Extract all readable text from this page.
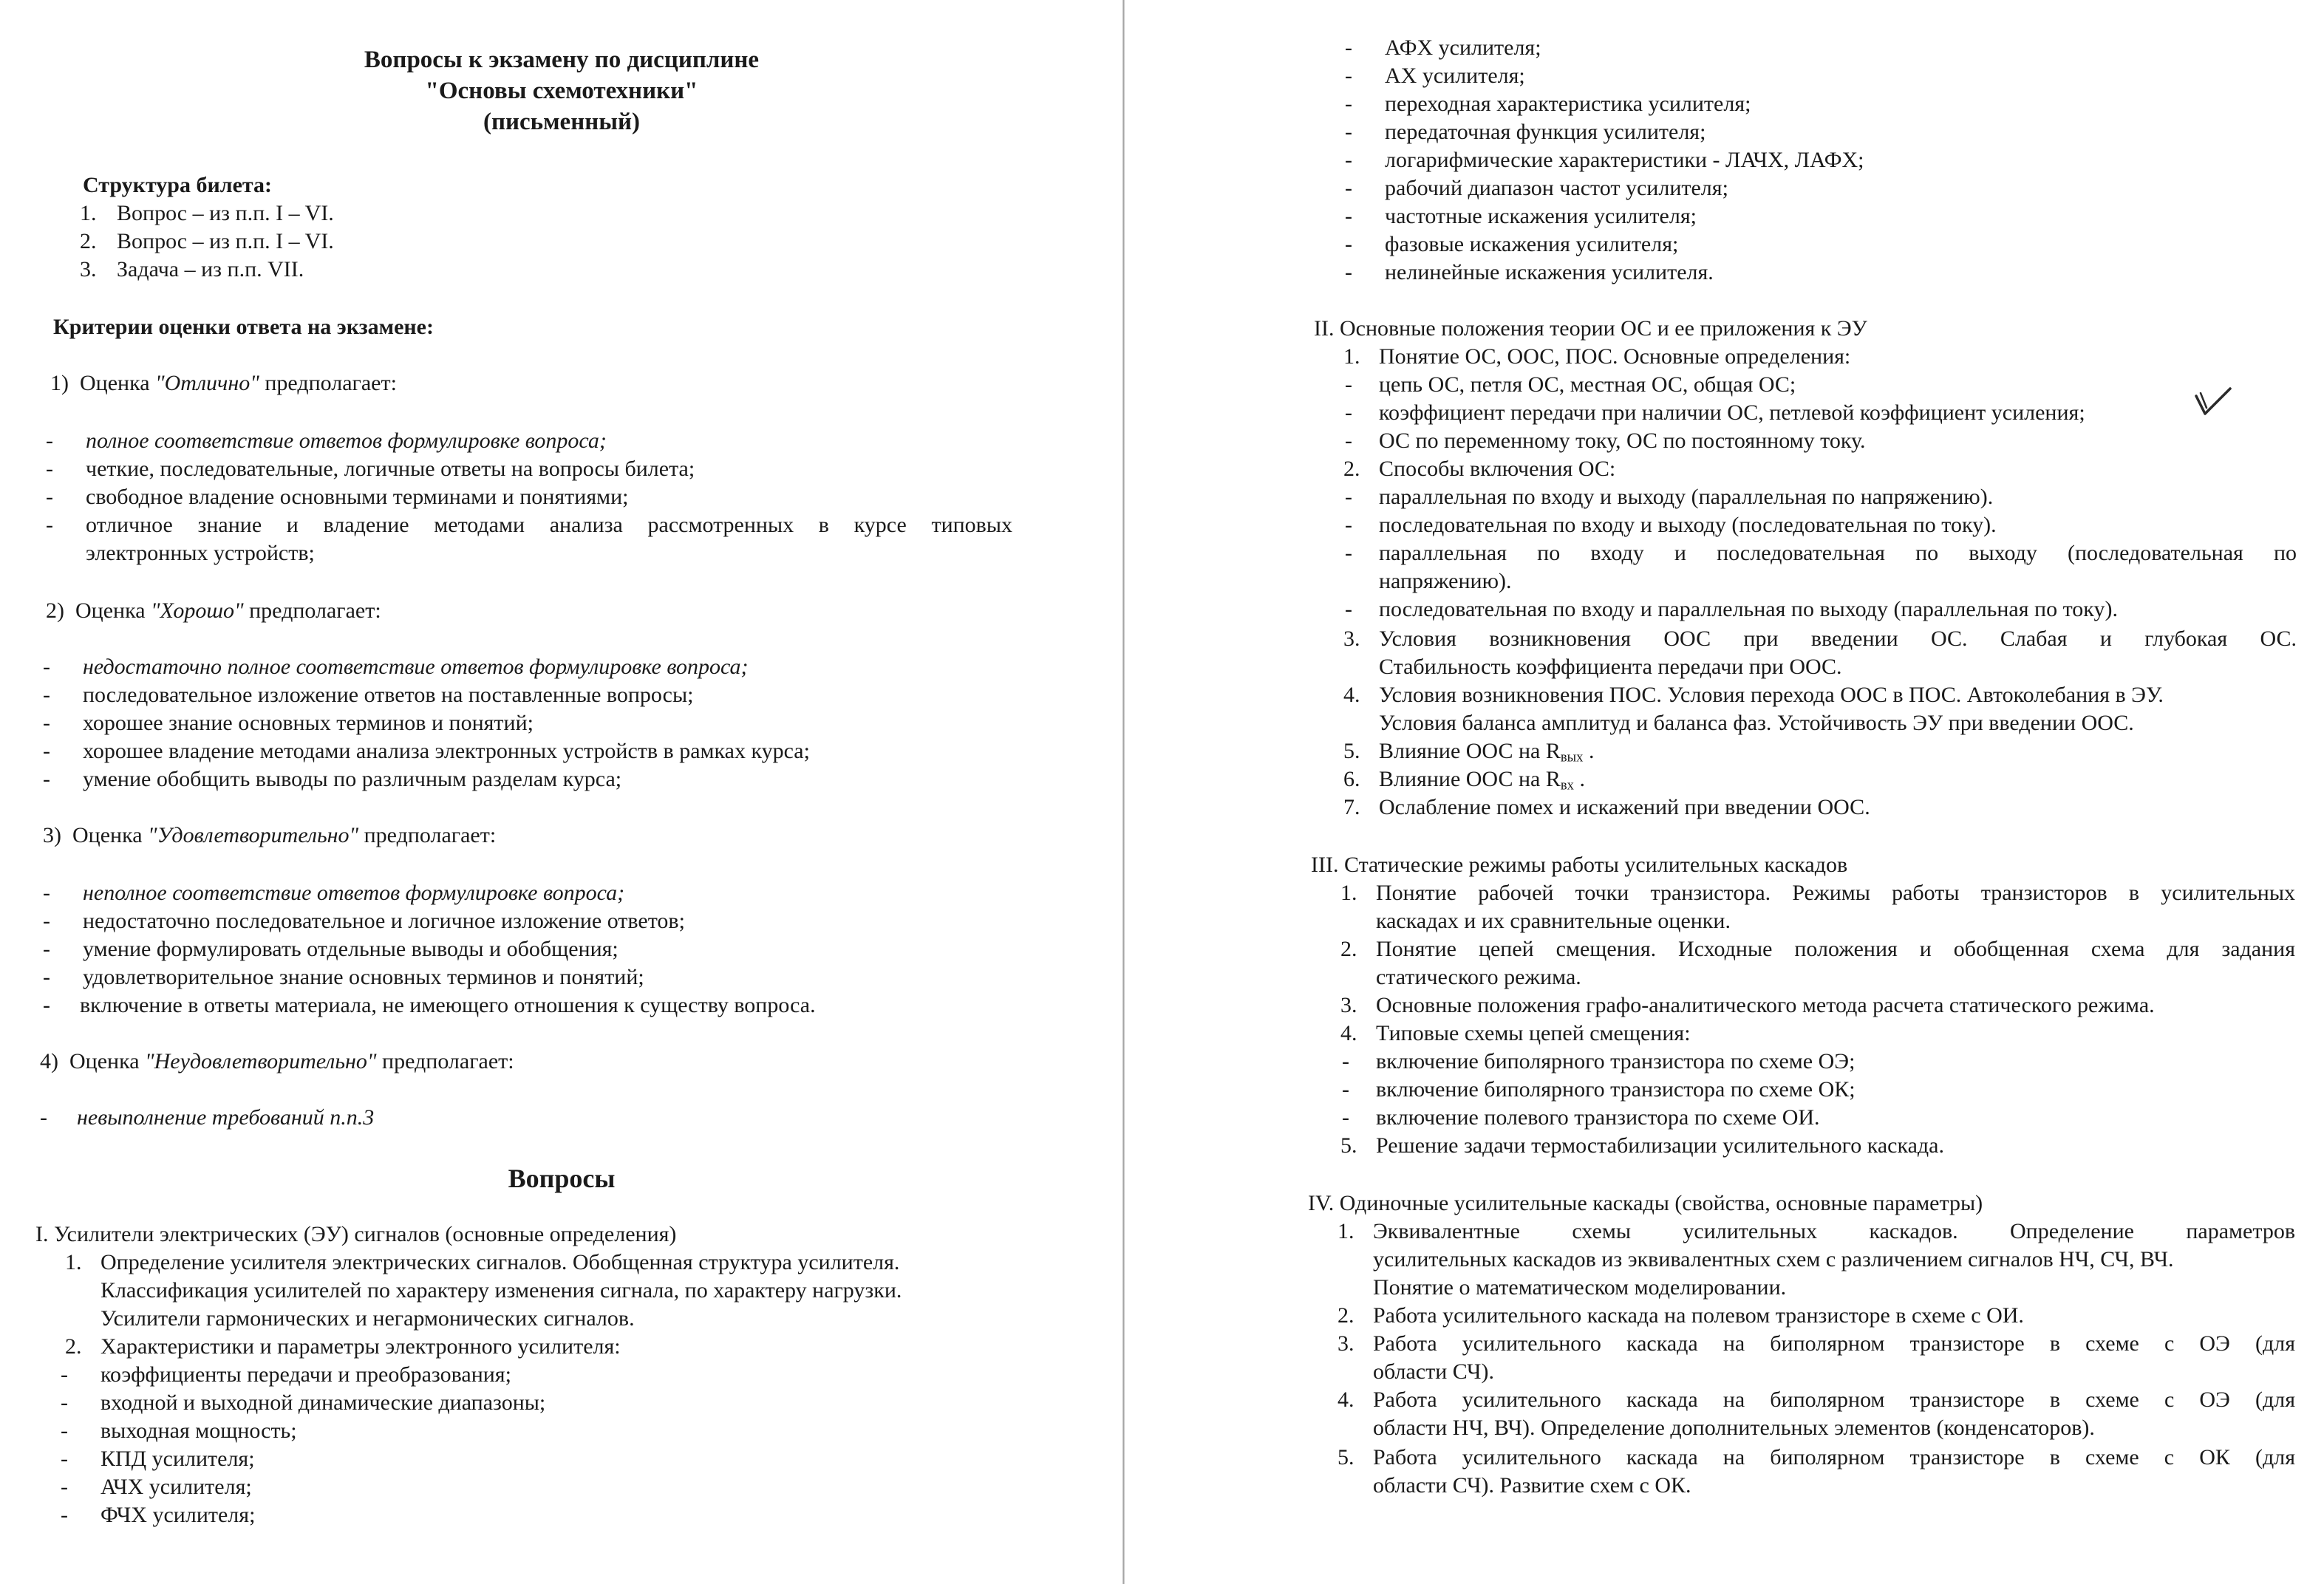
Вопросы к экзамену по дисциплине
"Основы схемотехники"
(письменный)
Структура билета:
1. Вопрос – из п.п. I – VI.
2. Вопрос – из п.п. I – VI.
3. Задача – из п.п. VII.
Критерии оценки ответа на экзамене:
1) Оценка "Отлично" предполагает:
- полное соответствие ответов формулировке вопроса;
- четкие, последовательные, логичные ответы на вопросы билета;
- свободное владение основными терминами и понятиями;
- отличное знание и владение методами анализа рассмотренных в курсе типовых
электронных устройств;
2) Оценка "Хорошо" предполагает:
- недостаточно полное соответствие ответов формулировке вопроса;
- последовательное изложение ответов на поставленные вопросы;
- хорошее знание основных терминов и понятий;
- хорошее владение методами анализа электронных устройств в рамках курса;
- умение обобщить выводы по различным разделам курса;
3) Оценка "Удовлетворительно" предполагает:
- неполное соответствие ответов формулировке вопроса;
- недостаточно последовательное и логичное изложение ответов;
- умение формулировать отдельные выводы и обобщения;
- удовлетворительное знание основных терминов и понятий;
- включение в ответы материала, не имеющего отношения к существу вопроса.
4) Оценка "Неудовлетворительно" предполагает:
- невыполнение требований п.п.3
Вопросы
I. Усилители электрических (ЭУ) сигналов (основные определения)
1. Определение усилителя электрических сигналов. Обобщенная структура усилителя.
Классификация усилителей по характеру изменения сигнала, по характеру нагрузки.
Усилители гармонических и негармонических сигналов.
2. Характеристики и параметры электронного усилителя:
- коэффициенты передачи и преобразования;
- входной и выходной динамические диапазоны;
- выходная мощность;
- КПД усилителя;
- АЧХ усилителя;
- ФЧХ усилителя;
- АФХ усилителя;
- АХ усилителя;
- переходная характеристика усилителя;
- передаточная функция усилителя;
- логарифмические характеристики - ЛАЧХ, ЛАФХ;
- рабочий диапазон частот усилителя;
- частотные искажения усилителя;
- фазовые искажения усилителя;
- нелинейные искажения усилителя.
II. Основные положения теории ОС и ее приложения к ЭУ
1. Понятие ОС, ООС, ПОС. Основные определения:
- цепь ОС, петля ОС, местная ОС, общая ОС;
- коэффициент передачи при наличии ОС, петлевой коэффициент усиления;
- ОС по переменному току, ОС по постоянному току.
2. Способы включения ОС:
- параллельная по входу и выходу (параллельная по напряжению).
- последовательная по входу и выходу (последовательная по току).
- параллельная по входу и последовательная по выходу (последовательная по
напряжению).
- последовательная по входу и параллельная по выходу (параллельная по току).
3. Условия возникновения ООС при введении ОС. Слабая и глубокая ОС.
Стабильность коэффициента передачи при ООС.
4. Условия возникновения ПОС. Условия перехода ООС в ПОС. Автоколебания в ЭУ.
Условия баланса амплитуд и баланса фаз. Устойчивость ЭУ при введении ООС.
5. Влияние ООС на $R_{вых}$ .
6. Влияние ООС на $R_{вх}$ .
7. Ослабление помех и искажений при введении ООС.
III. Статические режимы работы усилительных каскадов
1. Понятие рабочей точки транзистора. Режимы работы транзисторов в усилительных
каскадах и их сравнительные оценки.
2. Понятие цепей смещения. Исходные положения и обобщенная схема для задания
статического режима.
3. Основные положения графо-аналитического метода расчета статического режима.
4. Типовые схемы цепей смещения:
- включение биполярного транзистора по схеме ОЭ;
- включение биполярного транзистора по схеме ОК;
- включение полевого транзистора по схеме ОИ.
5. Решение задачи термостабилизации усилительного каскада.
IV. Одиночные усилительные каскады (свойства, основные параметры)
1. Эквивалентные схемы усилительных каскадов. Определение параметров
усилительных каскадов из эквивалентных схем с различением сигналов НЧ, СЧ, ВЧ.
Понятие о математическом моделировании.
2. Работа усилительного каскада на полевом транзисторе в схеме с ОИ.
3. Работа усилительного каскада на биполярном транзисторе в схеме с ОЭ (для
области СЧ).
4. Работа усилительного каскада на биполярном транзисторе в схеме с ОЭ (для
области НЧ, ВЧ). Определение дополнительных элементов (конденсаторов).
5. Работа усилительного каскада на биполярном транзисторе в схеме с ОК (для
области СЧ). Развитие схем с ОК.
